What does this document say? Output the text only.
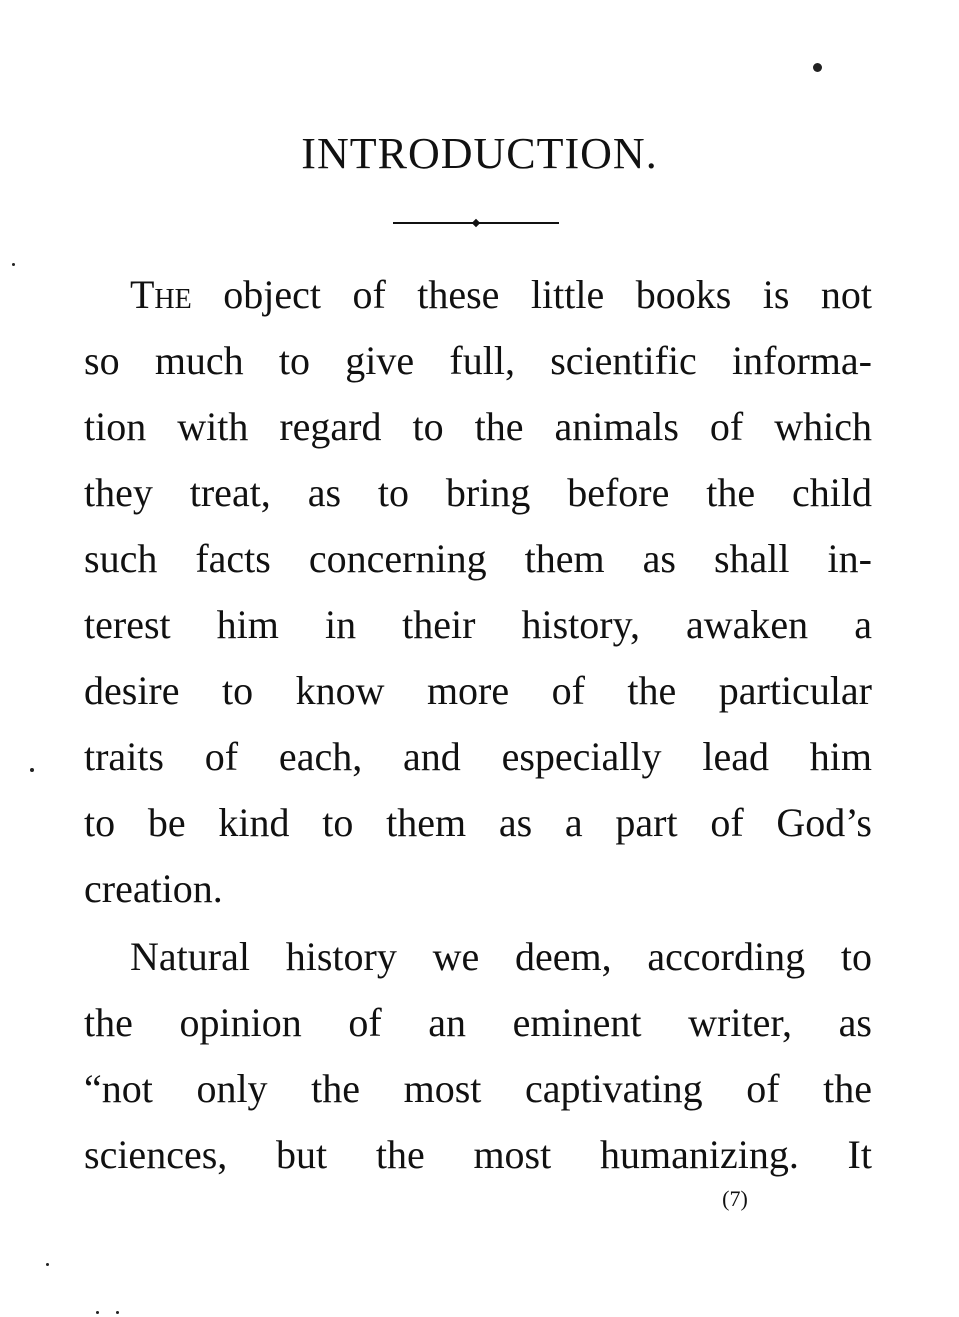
INTRODUCTION.
The object of these little books is not
so much to give full, scientific informa-
tion with regard to the animals of which
they treat, as to bring before the child
such facts concerning them as shall in-
terest him in their history, awaken a
desire to know more of the particular
traits of each, and especially lead him
to be kind to them as a part of God’s
creation.
Natural history we deem, according to
the opinion of an eminent writer, as
“not only the most captivating of the
sciences, but the most humanizing. It
(7)
